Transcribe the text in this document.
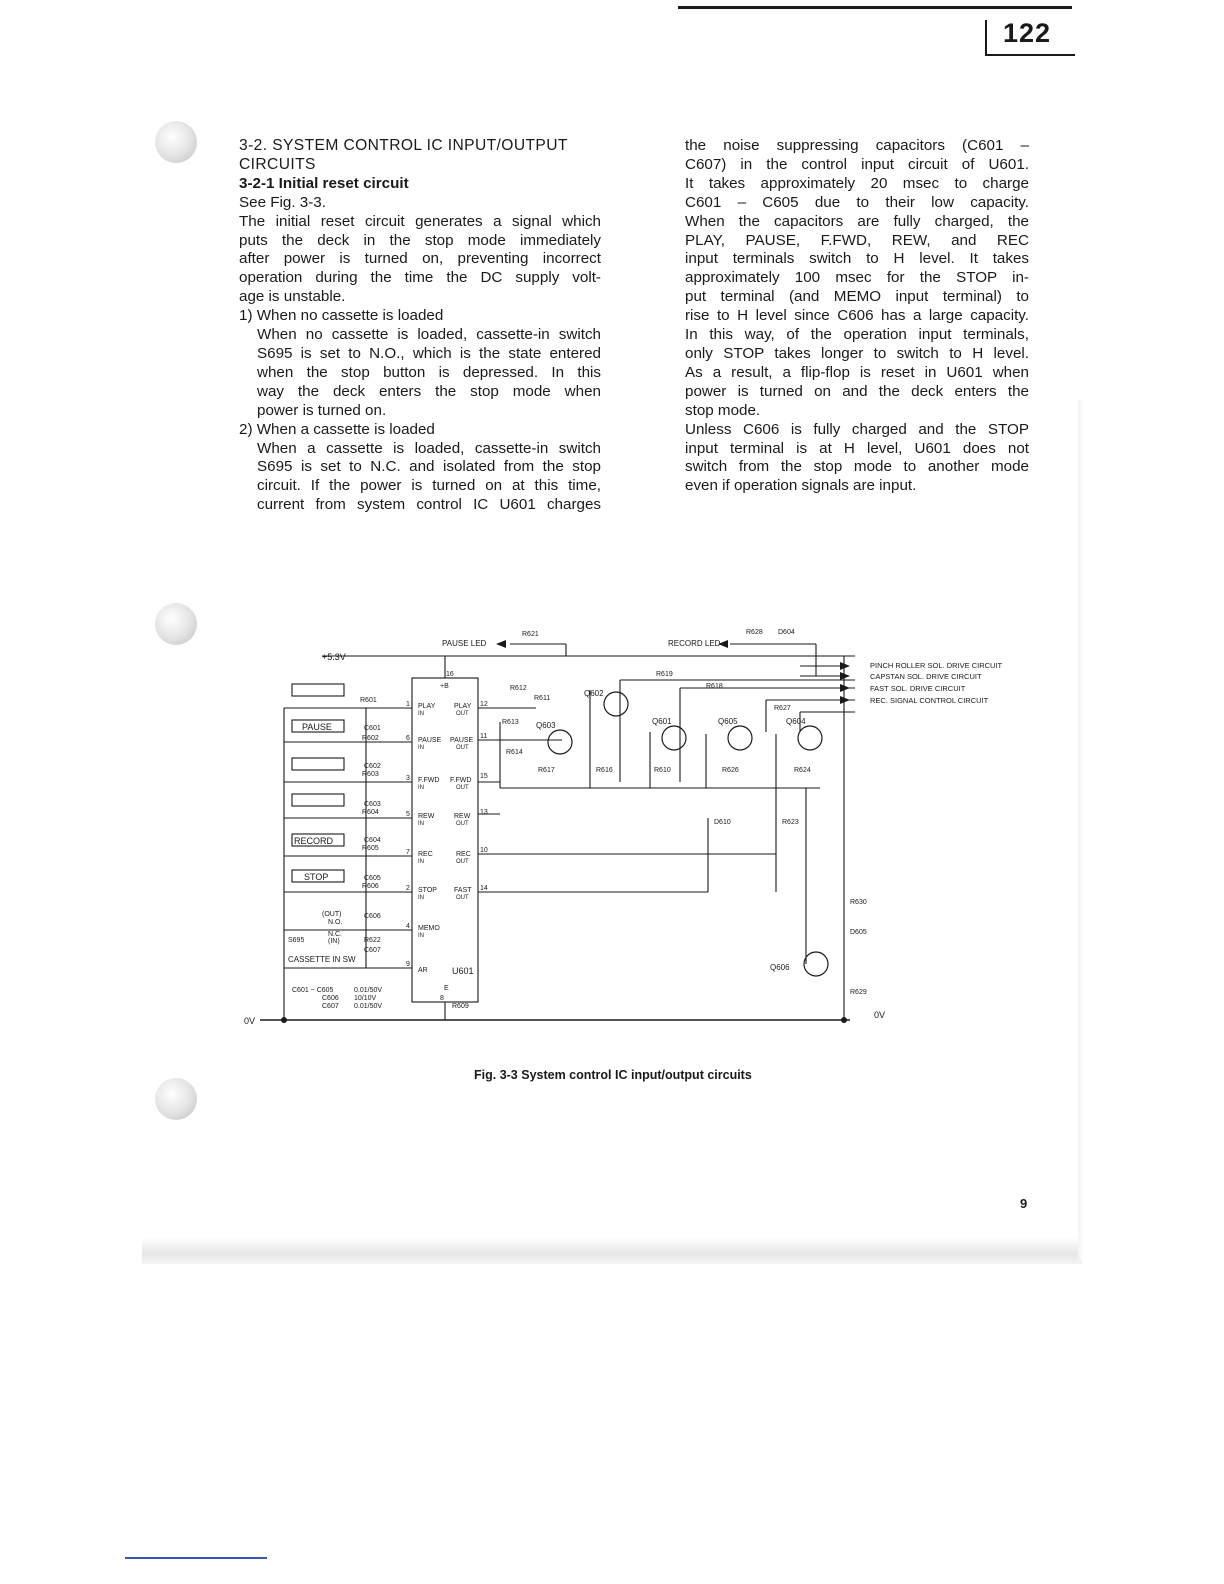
122

3-2. SYSTEM CONTROL IC INPUT/OUTPUT

CIRCUITS

3-2-1 Initial reset circuit

See Fig. 3-3.

The initial reset circuit generates a signal which

puts the deck in the stop mode immediately

after power is turned on, preventing incorrect

operation during the time the DC supply volt-

age is unstable.

1) When no cassette is loaded

When no cassette is loaded, cassette-in switch

S695 is set to N.O., which is the state entered

when the stop button is depressed. In this

way the deck enters the stop mode when

power is turned on.

2) When a cassette is loaded

When a cassette is loaded, cassette-in switch

S695 is set to N.C. and isolated from the stop

circuit. If the power is turned on at this time,

current from system control IC U601 charges

the noise suppressing capacitors (C601 –

C607) in the control input circuit of U601.

It takes approximately 20 msec to charge

C601 – C605 due to their low capacity.

When the capacitors are fully charged, the

PLAY, PAUSE, F.FWD, REW, and REC

input terminals switch to H level. It takes

approximately 100 msec for the STOP in-

put terminal (and MEMO input terminal) to

rise to H level since C606 has a large capacity.

In this way, of the operation input terminals,

only STOP takes longer to switch to H level.

As a result, a flip-flop is reset in U601 when

power is turned on and the deck enters the

stop mode.

Unless C606 is fully charged and the STOP

input terminal is at H level, U601 does not

switch from the stop mode to another mode

even if operation signals are input.

+5.3V
0V
0V
PAUSE LED	RECORD LED
PAUSE
RECORD
STOP
R601
R602
R603
R604
R605
R606
R622
R609
R611
R612
R613
R614
R617	R616	R610
R619
R618
R627
R626	R624
R623
R628
R621
R630
R629
C601
C602
C603
C604
C605
C606
C607
U601
16
+B
1 PLAY
IN
6 PAUSE
IN
3 F.FWD
IN
5 REW
IN
7 REC
IN
2 STOP
IN
4 MEMO
IN
9
AR
12
PLAY
OUT
11
PAUSE
OUT
15
F.FWD
OUT
13
REW
OUT
10
REC
OUT
14
FAST
OUT
8
E
Q602
Q603	Q601	Q605	Q604
Q606
D610
D605
D604
(OUT)
N.O.
S695
N.C.
(IN)
CASSETTE IN SW
C601 ~ C605	0.01/50V
C606 10/10V
C607 0.01/50V
PINCH ROLLER SOL. DRIVE CIRCUIT
CAPSTAN SOL. DRIVE CIRCUIT
FAST SOL. DRIVE CIRCUIT
REC. SIGNAL CONTROL CIRCUIT
Fig. 3-3 System control IC input/output circuits
9
